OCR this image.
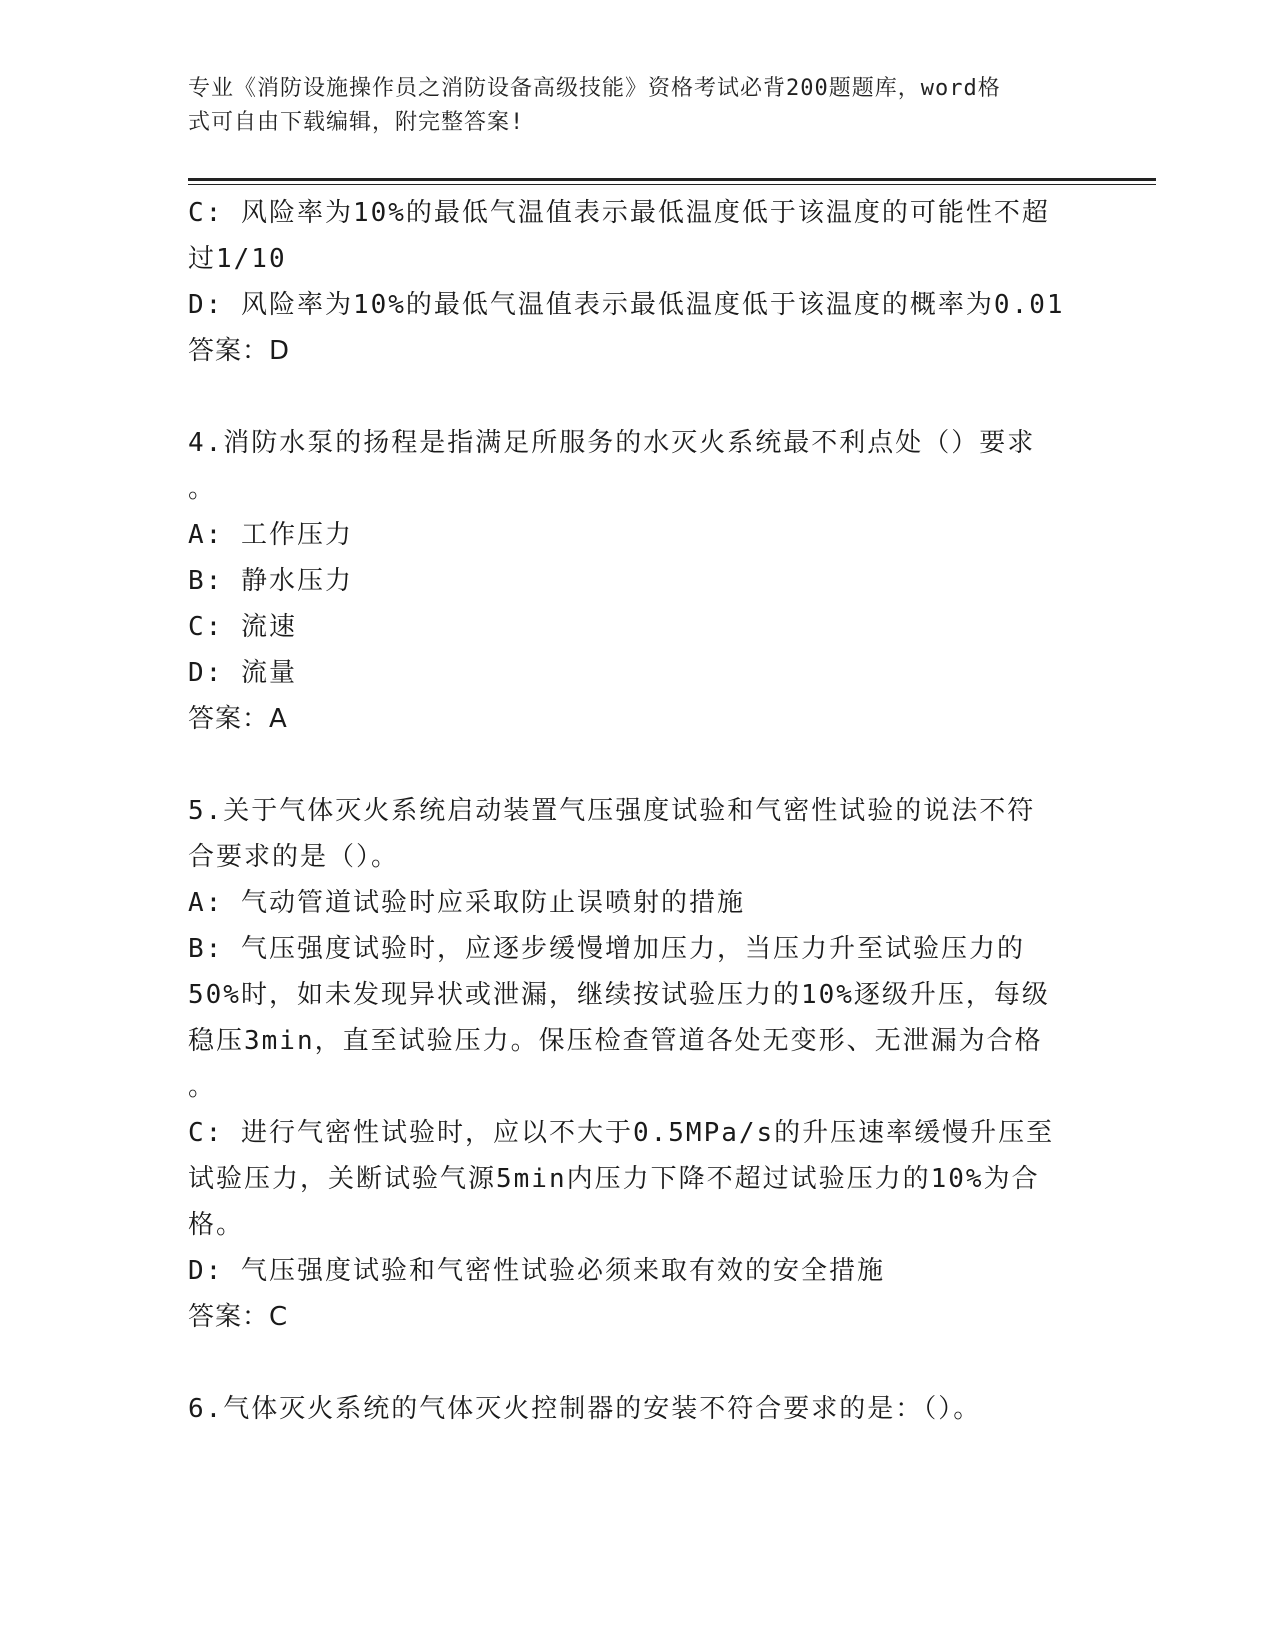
专业《消防设施操作员之消防设备高级技能》资格考试必背200题题库，word格
式可自由下载编辑，附完整答案!
C: 风险率为10%的最低气温值表示最低温度低于该温度的可能性不超
过1/10
D: 风险率为10%的最低气温值表示最低温度低于该温度的概率为0.01
答案：D
4.消防水泵的扬程是指满足所服务的水灭火系统最不利点处（）要求
。
A: 工作压力
B: 静水压力
C: 流速
D: 流量
答案：A
5.关于气体灭火系统启动装置气压强度试验和气密性试验的说法不符
合要求的是（）。
A: 气动管道试验时应采取防止误喷射的措施
B: 气压强度试验时，应逐步缓慢增加压力，当压力升至试验压力的
50%时，如未发现异状或泄漏，继续按试验压力的10%逐级升压，每级
稳压3min，直至试验压力。保压检查管道各处无变形、无泄漏为合格
。
C: 进行气密性试验时，应以不大于0.5MPa/s的升压速率缓慢升压至
试验压力，关断试验气源5min内压力下降不超过试验压力的10%为合
格。
D: 气压强度试验和气密性试验必须来取有效的安全措施
答案：C
6.气体灭火系统的气体灭火控制器的安装不符合要求的是：（）。
